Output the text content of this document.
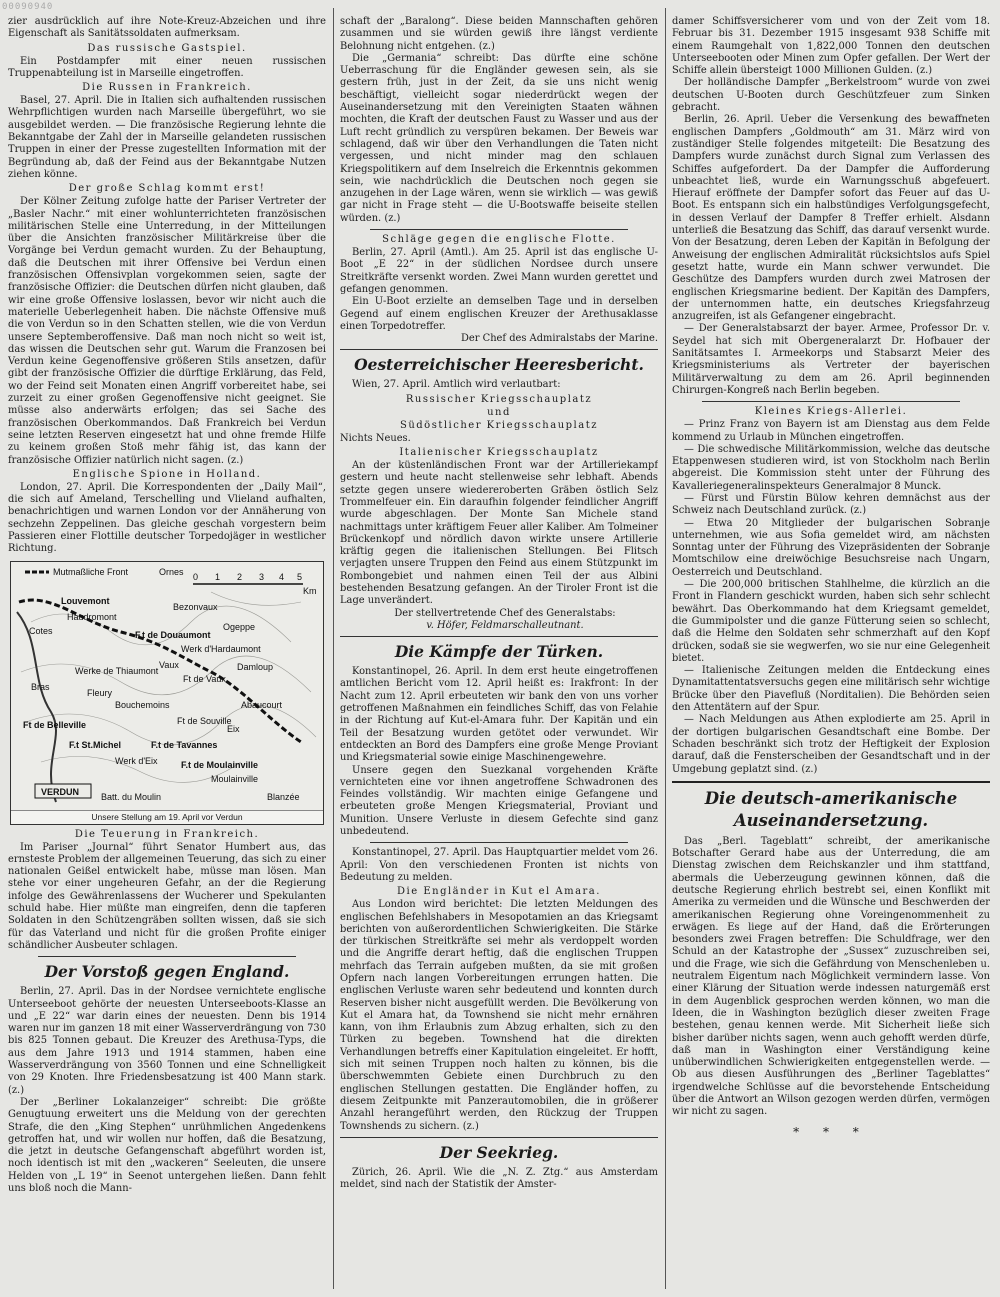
00090940

zier ausdrücklich auf ihre Note-Kreuz-Abzeichen und ihre Eigenschaft als Sanitätssoldaten aufmerksam.

Das russische Gastspiel.

Ein Postdampfer mit einer neuen russischen Truppenabteilung ist in Marseille eingetroffen.

Die Russen in Frankreich.

Basel, 27. April. Die in Italien sich aufhaltenden russischen Wehrpflichtigen wurden nach Marseille übergeführt, wo sie ausgebildet werden. — Die französische Regierung lehnte die Bekanntgabe der Zahl der in Marseille gelandeten russischen Truppen in einer der Presse zugestellten Information mit der Begründung ab, daß der Feind aus der Bekanntgabe Nutzen ziehen könne.

Der große Schlag kommt erst!

Der Kölner Zeitung zufolge hatte der Pariser Vertreter der „Basler Nachr.“ mit einer wohlunterrichteten französischen militärischen Stelle eine Unterredung, in der Mitteilungen über die Ansichten französischer Militärkreise über die Vorgänge bei Verdun gemacht wurden. Zu der Behauptung, daß die Deutschen mit ihrer Offensive bei Verdun einen französischen Offensivplan vorgekommen seien, sagte der französische Offizier: die Deutschen dürfen nicht glauben, daß wir eine große Offensive loslassen, bevor wir nicht auch die materielle Ueberlegenheit haben. Die nächste Offensive muß die von Verdun so in den Schatten stellen, wie die von Verdun unsere Septemberoffensive. Daß man noch nicht so weit ist, das wissen die Deutschen sehr gut. Warum die Franzosen bei Verdun keine Gegenoffensive größeren Stils ansetzen, dafür gibt der französische Offizier die dürftige Erklärung, das Feld, wo der Feind seit Monaten einen Angriff vorbereitet habe, sei zurzeit zu einer großen Gegenoffensive nicht geeignet. Sie müsse also anderwärts erfolgen; das sei Sache des französischen Oberkommandos. Daß Frankreich bei Verdun seine letzten Reserven eingesetzt hat und ohne fremde Hilfe zu keinem großen Stoß mehr fähig ist, das kann der französische Offizier natürlich nicht sagen. (z.)

Englische Spione in Holland.

London, 27. April. Die Korrespondenten der „Daily Mail“, die sich auf Ameland, Terschelling und Vlieland aufhalten, benachrichtigen und warnen London vor der Annäherung von sechzehn Zeppelinen. Das gleiche geschah vorgestern beim Passieren einer Flottille deutscher Torpedojäger in westlicher Richtung.

Mutmaßliche Front	Ornes 0 1 2 3 4 5
Km
Louvemont
Bezonvaux
Haudromont
Ogeppe
F.t de Douaumont
Cotes
Werk d'Hardaumont
Vaux	Damloup
Werke de Thiaumont
Ft de Vaux
Bras
Fleury
Bouchemoins	Abaucourt
Ft de Belleville	Ft de Souville
Eix
F.t St.Michel	F.t de Tavannes
Werk d'Eix	F.t de Moulainville
Moulainville
VERDUN Batt. du Moulin	Blanzée
Unsere Stellung am 19. April vor Verdun
Die Teuerung in Frankreich.

Im Pariser „Journal“ führt Senator Humbert aus, das ernsteste Problem der allgemeinen Teuerung, das sich zu einer nationalen Geißel entwickelt habe, müsse man lösen. Man stehe vor einer ungeheuren Gefahr, an der die Regierung infolge des Gewährenlassens der Wucherer und Spekulanten schuld habe. Hier müßte man eingreifen, denn die tapferen Soldaten in den Schützengräben sollten wissen, daß sie sich für das Vaterland und nicht für die großen Profite einiger schändlicher Ausbeuter schlagen.

Der Vorstoß gegen England.

Berlin, 27. April. Das in der Nordsee vernichtete englische Unterseeboot gehörte der neuesten Unterseeboots-Klasse an und „E 22“ war darin eines der neuesten. Denn bis 1914 waren nur im ganzen 18 mit einer Wasserverdrängung von 730 bis 825 Tonnen gebaut. Die Kreuzer des Arethusa-Typs, die aus dem Jahre 1913 und 1914 stammen, haben eine Wasserverdrängung von 3560 Tonnen und eine Schnelligkeit von 29 Knoten. Ihre Friedensbesatzung ist 400 Mann stark. (z.)

Der „Berliner Lokalanzeiger“ schreibt: Die größte Genugtuung erweitert uns die Meldung von der gerechten Strafe, die den „King Stephen“ unrühmlichen Angedenkens getroffen hat, und wir wollen nur hoffen, daß die Besatzung, die jetzt in deutsche Gefangenschaft abgeführt worden ist, noch identisch ist mit den „wackeren“ Seeleuten, die unsere Helden von „L 19“ in Seenot untergehen ließen. Dann fehlt uns bloß noch die Mann-

schaft der „Baralong“. Diese beiden Mannschaften gehören zusammen und sie würden gewiß ihre längst verdiente Belohnung nicht entgehen. (z.)

Die „Germania“ schreibt: Das dürfte eine schöne Ueberraschung für die Engländer gewesen sein, als sie gestern früh, just in der Zeit, da sie uns nicht wenig beschäftigt, vielleicht sogar niederdrückt wegen der Auseinandersetzung mit den Vereinigten Staaten wähnen mochten, die Kraft der deutschen Faust zu Wasser und aus der Luft recht gründlich zu verspüren bekamen. Der Beweis war schlagend, daß wir über den Verhandlungen die Taten nicht vergessen, und nicht minder mag den schlauen Kriegspolitikern auf dem Inselreich die Erkenntnis gekommen sein, wie nachdrücklich die Deutschen noch gegen sie anzugehen in der Lage wären, wenn sie wirklich — was gewiß gar nicht in Frage steht — die U-Bootswaffe beiseite stellen würden. (z.)

Schläge gegen die englische Flotte.

Berlin, 27. April (Amtl.). Am 25. April ist das englische U-Boot „E 22“ in der südlichen Nordsee durch unsere Streitkräfte versenkt worden. Zwei Mann wurden gerettet und gefangen genommen.

Ein U-Boot erzielte an demselben Tage und in derselben Gegend auf einem englischen Kreuzer der Arethusaklasse einen Torpedotreffer.

Der Chef des Admiralstabs der Marine.

Oesterreichischer Heeresbericht.

Wien, 27. April. Amtlich wird verlautbart:

Russischer Kriegsschauplatz
und
Südöstlicher Kriegsschauplatz

Nichts Neues.

Italienischer Kriegsschauplatz

An der küstenländischen Front war der Artilleriekampf gestern und heute nacht stellenweise sehr lebhaft. Abends setzte gegen unsere wiedereroberten Gräben östlich Selz Trommelfeuer ein. Ein daraufhin folgender feindlicher Angriff wurde abgeschlagen. Der Monte San Michele stand nachmittags unter kräftigem Feuer aller Kaliber. Am Tolmeiner Brückenkopf und nördlich davon wirkte unsere Artillerie kräftig gegen die italienischen Stellungen. Bei Flitsch verjagten unsere Truppen den Feind aus einem Stützpunkt im Rombongebiet und nahmen einen Teil der aus Albini bestehenden Besatzung gefangen. An der Tiroler Front ist die Lage unverändert.

Der stellvertretende Chef des Generalstabs:

v. Höfer, Feldmarschalleutnant.

Die Kämpfe der Türken.

Konstantinopel, 26. April. In dem erst heute eingetroffenen amtlichen Bericht vom 12. April heißt es: Irakfront: In der Nacht zum 12. April erbeuteten wir bank den von uns vorher getroffenen Maßnahmen ein feindliches Schiff, das von Felahie in der Richtung auf Kut-el-Amara fuhr. Der Kapitän und ein Teil der Besatzung wurden getötet oder verwundet. Wir entdeckten an Bord des Dampfers eine große Menge Proviant und Kriegsmaterial sowie einige Maschinengewehre.

Unsere gegen den Suezkanal vorgehenden Kräfte vernichteten eine vor ihnen angetroffene Schwadronen des Feindes vollständig. Wir machten einige Gefangene und erbeuteten große Mengen Kriegsmaterial, Proviant und Munition. Unsere Verluste in diesem Gefechte sind ganz unbedeutend.

Konstantinopel, 27. April. Das Hauptquartier meldet vom 26. April: Von den verschiedenen Fronten ist nichts von Bedeutung zu melden.

Die Engländer in Kut el Amara.

Aus London wird berichtet: Die letzten Meldungen des englischen Befehlshabers in Mesopotamien an das Kriegsamt berichten von außerordentlichen Schwierigkeiten. Die Stärke der türkischen Streitkräfte sei mehr als verdoppelt worden und die Angriffe derart heftig, daß die englischen Truppen mehrfach das Terrain aufgeben mußten, da sie mit großen Opfern nach langen Vorbereitungen errungen hatten. Die englischen Verluste waren sehr bedeutend und konnten durch Reserven bisher nicht ausgefüllt werden. Die Bevölkerung von Kut el Amara hat, da Townshend sie nicht mehr ernähren kann, von ihm Erlaubnis zum Abzug erhalten, sich zu den Türken zu begeben. Townshend hat die direkten Verhandlungen betreffs einer Kapitulation eingeleitet. Er hofft, sich mit seinen Truppen noch halten zu können, bis die überschwemmten Gebiete einen Durchbruch zu den englischen Stellungen gestatten. Die Engländer hoffen, zu diesem Zeitpunkte mit Panzerautomobilen, die in größerer Anzahl herangeführt werden, den Rückzug der Truppen Townshends zu sichern. (z.)

Der Seekrieg.

Zürich, 26. April. Wie die „N. Z. Ztg.“ aus Amsterdam meldet, sind nach der Statistik der Amster-

damer Schiffsversicherer vom und von der Zeit vom 18. Februar bis 31. Dezember 1915 insgesamt 938 Schiffe mit einem Raumgehalt von 1,822,000 Tonnen den deutschen Unterseebooten oder Minen zum Opfer gefallen. Der Wert der Schiffe allein übersteigt 1000 Millionen Gulden. (z.)

Der holländische Dampfer „Berkelstroom“ wurde von zwei deutschen U-Booten durch Geschützfeuer zum Sinken gebracht.

Berlin, 26. April. Ueber die Versenkung des bewaffneten englischen Dampfers „Goldmouth“ am 31. März wird von zuständiger Stelle folgendes mitgeteilt: Die Besatzung des Dampfers wurde zunächst durch Signal zum Verlassen des Schiffes aufgefordert. Da der Dampfer die Aufforderung unbeachtet ließ, wurde ein Warnungsschuß abgefeuert. Hierauf eröffnete der Dampfer sofort das Feuer auf das U-Boot. Es entspann sich ein halbstündiges Verfolgungsgefecht, in dessen Verlauf der Dampfer 8 Treffer erhielt. Alsdann unterließ die Besatzung das Schiff, das darauf versenkt wurde. Von der Besatzung, deren Leben der Kapitän in Befolgung der Anweisung der englischen Admiralität rücksichtslos aufs Spiel gesetzt hatte, wurde ein Mann schwer verwundet. Die Geschütze des Dampfers wurden durch zwei Matrosen der englischen Kriegsmarine bedient. Der Kapitän des Dampfers, der unternommen hatte, ein deutsches Kriegsfahrzeug anzugreifen, ist als Gefangener eingebracht.

— Der Generalstabsarzt der bayer. Armee, Professor Dr. v. Seydel hat sich mit Obergeneralarzt Dr. Hofbauer der Sanitätsamtes I. Armeekorps und Stabsarzt Meier des Kriegsministeriums als Vertreter der bayerischen Militärverwaltung zu dem am 26. April beginnenden Chirurgen-Kongreß nach Berlin begeben.

Kleines Kriegs-Allerlei.

— Prinz Franz von Bayern ist am Dienstag aus dem Felde kommend zu Urlaub in München eingetroffen.

— Die schwedische Militärkommission, welche das deutsche Etappenwesen studieren wird, ist von Stockholm nach Berlin abgereist. Die Kommission steht unter der Führung des Kavalleriegeneralinspekteurs Generalmajor 8 Munck.

— Fürst und Fürstin Bülow kehren demnächst aus der Schweiz nach Deutschland zurück. (z.)

— Etwa 20 Mitglieder der bulgarischen Sobranje unternehmen, wie aus Sofia gemeldet wird, am nächsten Sonntag unter der Führung des Vizepräsidenten der Sobranje Momtschilow eine dreiwöchige Besuchsreise nach Ungarn, Oesterreich und Deutschland.

— Die 200,000 britischen Stahlhelme, die kürzlich an die Front in Flandern geschickt wurden, haben sich sehr schlecht bewährt. Das Oberkommando hat dem Kriegsamt gemeldet, die Gummipolster und die ganze Fütterung seien so schlecht, daß die Helme den Soldaten sehr schmerzhaft auf den Kopf drücken, sodaß sie sie wegwerfen, wo sie nur eine Gelegenheit bietet.

— Italienische Zeitungen melden die Entdeckung eines Dynamitattentatsversuchs gegen eine militärisch sehr wichtige Brücke über den Piavefluß (Norditalien). Die Behörden seien den Attentätern auf der Spur.

— Nach Meldungen aus Athen explodierte am 25. April in der dortigen bulgarischen Gesandtschaft eine Bombe. Der Schaden beschränkt sich trotz der Heftigkeit der Explosion darauf, daß die Fensterscheiben der Gesandtschaft und in der Umgebung geplatzt sind. (z.)

Die deutsch-amerikanische Auseinandersetzung.

Das „Berl. Tageblatt“ schreibt, der amerikanische Botschafter Gerard habe aus der Unterredung, die am Dienstag zwischen dem Reichskanzler und ihm stattfand, abermals die Ueberzeugung gewinnen können, daß die deutsche Regierung ehrlich bestrebt sei, einen Konflikt mit Amerika zu vermeiden und die Wünsche und Beschwerden der amerikanischen Regierung ohne Voreingenommenheit zu erwägen. Es liege auf der Hand, daß die Erörterungen besonders zwei Fragen betreffen: Die Schuldfrage, wer den Schuld an der Katastrophe der „Sussex“ zuzuschreiben sei, und die Frage, wie sich die Gefährdung von Menschenleben u. neutralem Eigentum nach Möglichkeit vermindern lasse. Von einer Klärung der Situation werde indessen naturgemäß erst in dem Augenblick gesprochen werden können, wo man die Ideen, die in Washington bezüglich dieser zweiten Frage bestehen, genau kennen werde. Mit Sicherheit ließe sich bisher darüber nichts sagen, wenn auch gehofft werden dürfe, daß man in Washington einer Verständigung keine unüberwindlichen Schwierigkeiten entgegenstellen werde. — Ob aus diesen Ausführungen des „Berliner Tageblattes“ irgendwelche Schlüsse auf die bevorstehende Entscheidung über die Antwort an Wilson gezogen werden dürfen, vermögen wir nicht zu sagen.

* * *
